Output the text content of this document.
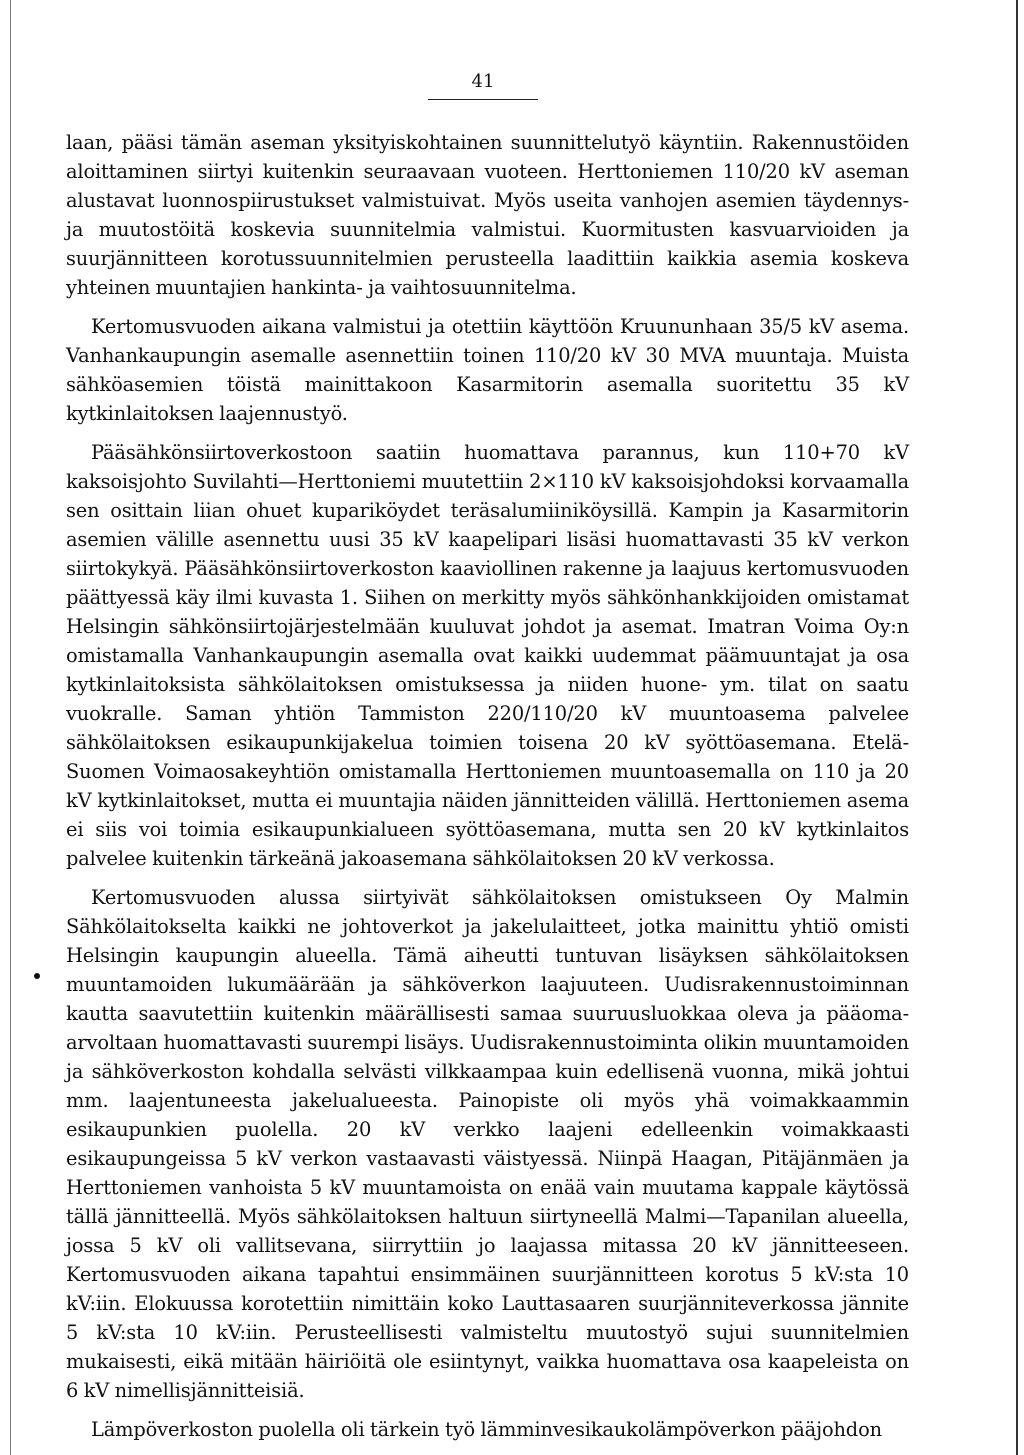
41

laan, pääsi tämän aseman yksityiskohtainen suunnittelutyö käyntiin. Rakennustöiden aloittaminen siirtyi kuitenkin seuraavaan vuoteen. Herttoniemen 110/20 kV aseman alustavat luonnospiirustukset valmistuivat. Myös useita vanhojen asemien täydennys- ja muutostöitä koskevia suunnitelmia valmistui. Kuormitusten kasvuarvioiden ja suurjännitteen korotussuunnitelmien perusteella laadittiin kaikkia asemia koskeva yhteinen muuntajien hankinta- ja vaihtosuunnitelma.

Kertomusvuoden aikana valmistui ja otettiin käyttöön Kruununhaan 35/5 kV asema. Vanhankaupungin asemalle asennettiin toinen 110/20 kV 30 MVA muuntaja. Muista sähköasemien töistä mainittakoon Kasarmitorin asemalla suoritettu 35 kV kytkinlaitoksen laajennustyö.

Pääsähkönsiirtoverkostoon saatiin huomattava parannus, kun 110+70 kV kaksoisjohto Suvilahti—Herttoniemi muutettiin 2×110 kV kaksoisjohdoksi korvaamalla sen osittain liian ohuet kupariköydet teräsalumiiniköysillä. Kampin ja Kasarmitorin asemien välille asennettu uusi 35 kV kaapelipari lisäsi huomattavasti 35 kV verkon siirtokykyä. Pääsähkönsiirtoverkoston kaaviollinen rakenne ja laajuus kertomusvuoden päättyessä käy ilmi kuvasta 1. Siihen on merkitty myös sähkönhankkijoiden omistamat Helsingin sähkönsiirtojärjestelmään kuuluvat johdot ja asemat. Imatran Voima Oy:n omistamalla Vanhankaupungin asemalla ovat kaikki uudemmat päämuuntajat ja osa kytkinlaitoksista sähkölaitoksen omistuksessa ja niiden huone- ym. tilat on saatu vuokralle. Saman yhtiön Tammiston 220/110/20 kV muuntoasema palvelee sähkölaitoksen esikaupunkijakelua toimien toisena 20 kV syöttöasemana. Etelä-Suomen Voimaosakeyhtiön omistamalla Herttoniemen muuntoasemalla on 110 ja 20 kV kytkinlaitokset, mutta ei muuntajia näiden jännitteiden välillä. Herttoniemen asema ei siis voi toimia esikaupunkialueen syöttöasemana, mutta sen 20 kV kytkinlaitos palvelee kuitenkin tärkeänä jakoasemana sähkölaitoksen 20 kV verkossa.

Kertomusvuoden alussa siirtyivät sähkölaitoksen omistukseen Oy Malmin Sähkölaitokselta kaikki ne johtoverkot ja jakelulaitteet, jotka mainittu yhtiö omisti Helsingin kaupungin alueella. Tämä aiheutti tuntuvan lisäyksen sähkölaitoksen muuntamoiden lukumäärään ja sähköverkon laajuuteen. Uudisrakennustoiminnan kautta saavutettiin kuitenkin määrällisesti samaa suuruusluokkaa oleva ja pääoma-arvoltaan huomattavasti suurempi lisäys. Uudisrakennustoiminta olikin muuntamoiden ja sähköverkoston kohdalla selvästi vilkkaampaa kuin edellisenä vuonna, mikä johtui mm. laajentuneesta jakelualueesta. Painopiste oli myös yhä voimakkaammin esikaupunkien puolella. 20 kV verkko laajeni edelleenkin voimakkaasti esikaupungeissa 5 kV verkon vastaavasti väistyessä. Niinpä Haagan, Pitäjänmäen ja Herttoniemen vanhoista 5 kV muuntamoista on enää vain muutama kappale käytössä tällä jännitteellä. Myös sähkölaitoksen haltuun siirtyneellä Malmi—Tapanilan alueella, jossa 5 kV oli vallitsevana, siirryttiin jo laajassa mitassa 20 kV jännitteeseen. Kertomusvuoden aikana tapahtui ensimmäinen suurjännitteen korotus 5 kV:sta 10 kV:iin. Elokuussa korotettiin nimittäin koko Lauttasaaren suurjänniteverkossa jännite 5 kV:sta 10 kV:iin. Perusteellisesti valmisteltu muutostyö sujui suunnitelmien mukaisesti, eikä mitään häiriöitä ole esiintynyt, vaikka huomattava osa kaapeleista on 6 kV nimellisjännitteisiä.

Lämpöverkoston puolella oli tärkein työ lämminvesikaukolämpöverkon pääjohdon
